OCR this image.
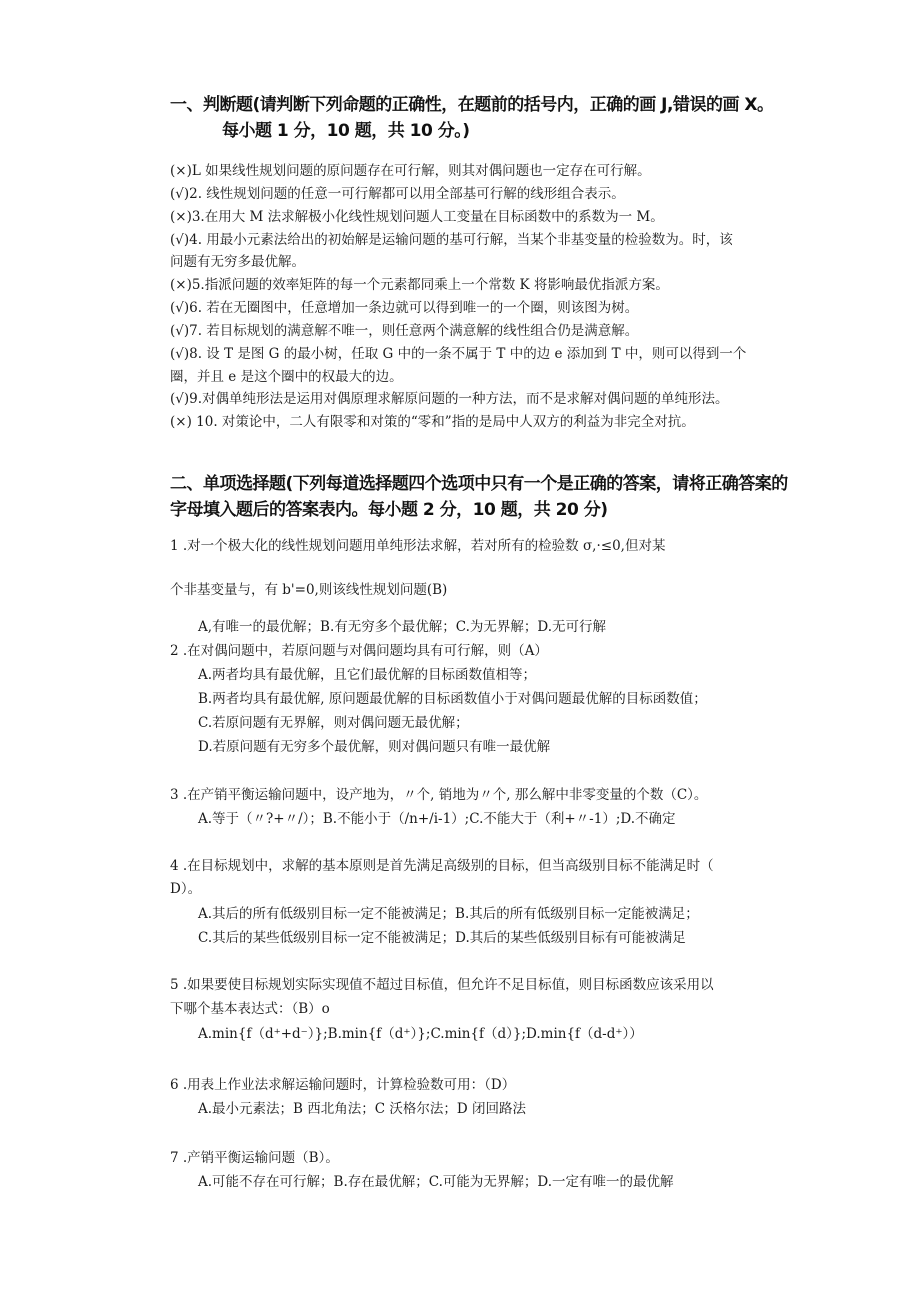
一、判断题(请判断下列命题的正确性，在题前的括号内，正确的画 J,错误的画 X。
每小题 1 分，10 题，共 10 分。)
(×)L 如果线性规划问题的原问题存在可行解，则其对偶问题也一定存在可行解。
(√)2. 线性规划问题的任意一可行解都可以用全部基可行解的线形组合表示。
(×)3.在用大 M 法求解极小化线性规划问题人工变量在目标函数中的系数为一 M。
(√)4. 用最小元素法给出的初始解是运输问题的基可行解，当某个非基变量的检验数为。时，该
问题有无穷多最优解。
(×)5.指派问题的效率矩阵的每一个元素都同乘上一个常数 K 将影响最优指派方案。
(√)6. 若在无圈图中，任意增加一条边就可以得到唯一的一个圈，则该图为树。
(√)7. 若目标规划的满意解不唯一，则任意两个满意解的线性组合仍是满意解。
(√)8. 设 T 是图 G 的最小树，任取 G 中的一条不属于 T 中的边 e 添加到 T 中，则可以得到一个
圈，并且 e 是这个圈中的权最大的边。
(√)9.对偶单纯形法是运用对偶原理求解原问题的一种方法，而不是求解对偶问题的单纯形法。
(×) 10. 对策论中，二人有限零和对策的“零和”指的是局中人双方的利益为非完全对抗。
二、单项选择题(下列每道选择题四个选项中只有一个是正确的答案，请将正确答案的
字母填入题后的答案表内。每小题 2 分，10 题，共 20 分)
1 .对一个极大化的线性规划问题用单纯形法求解，若对所有的检验数 σ,·≤0,但对某
个非基变量与，有 b'=0,则该线性规划问题(B)
A,有唯一的最优解；B.有无穷多个最优解；C.为无界解；D.无可行解
2 .在对偶问题中，若原问题与对偶问题均具有可行解，则（A）
A.两者均具有最优解，且它们最优解的目标函数值相等；
B.两者均具有最优解, 原问题最优解的目标函数值小于对偶问题最优解的目标函数值；
C.若原问题有无界解，则对偶问题无最优解；
D.若原问题有无穷多个最优解，则对偶问题只有唯一最优解
3 .在产销平衡运输问题中，设产地为，〃个, 销地为〃个, 那么解中非零变量的个数（C）。
A.等于（〃?+〃/）；B.不能小于（/n+/i-1）;C.不能大于（利+〃-1）;D.不确定
4 .在目标规划中，求解的基本原则是首先满足高级别的目标，但当高级别目标不能满足时（
D）。
A.其后的所有低级别目标一定不能被满足；B.其后的所有低级别目标一定能被满足；
C.其后的某些低级别目标一定不能被满足；D.其后的某些低级别目标有可能被满足
5 .如果要使目标规划实际实现值不超过目标值，但允许不足目标值，则目标函数应该采用以
下哪个基本表达式：（B）o
A.min{f（d⁺+d⁻）};B.min{f（d⁺）};C.min{f（d）};D.min{f（d-d⁺））
6 .用表上作业法求解运输问题时，计算检验数可用：（D）
A.最小元素法；B 西北角法；C 沃格尔法；D 闭回路法
7 .产销平衡运输问题（B）。
A.可能不存在可行解；B.存在最优解；C.可能为无界解；D.一定有唯一的最优解
